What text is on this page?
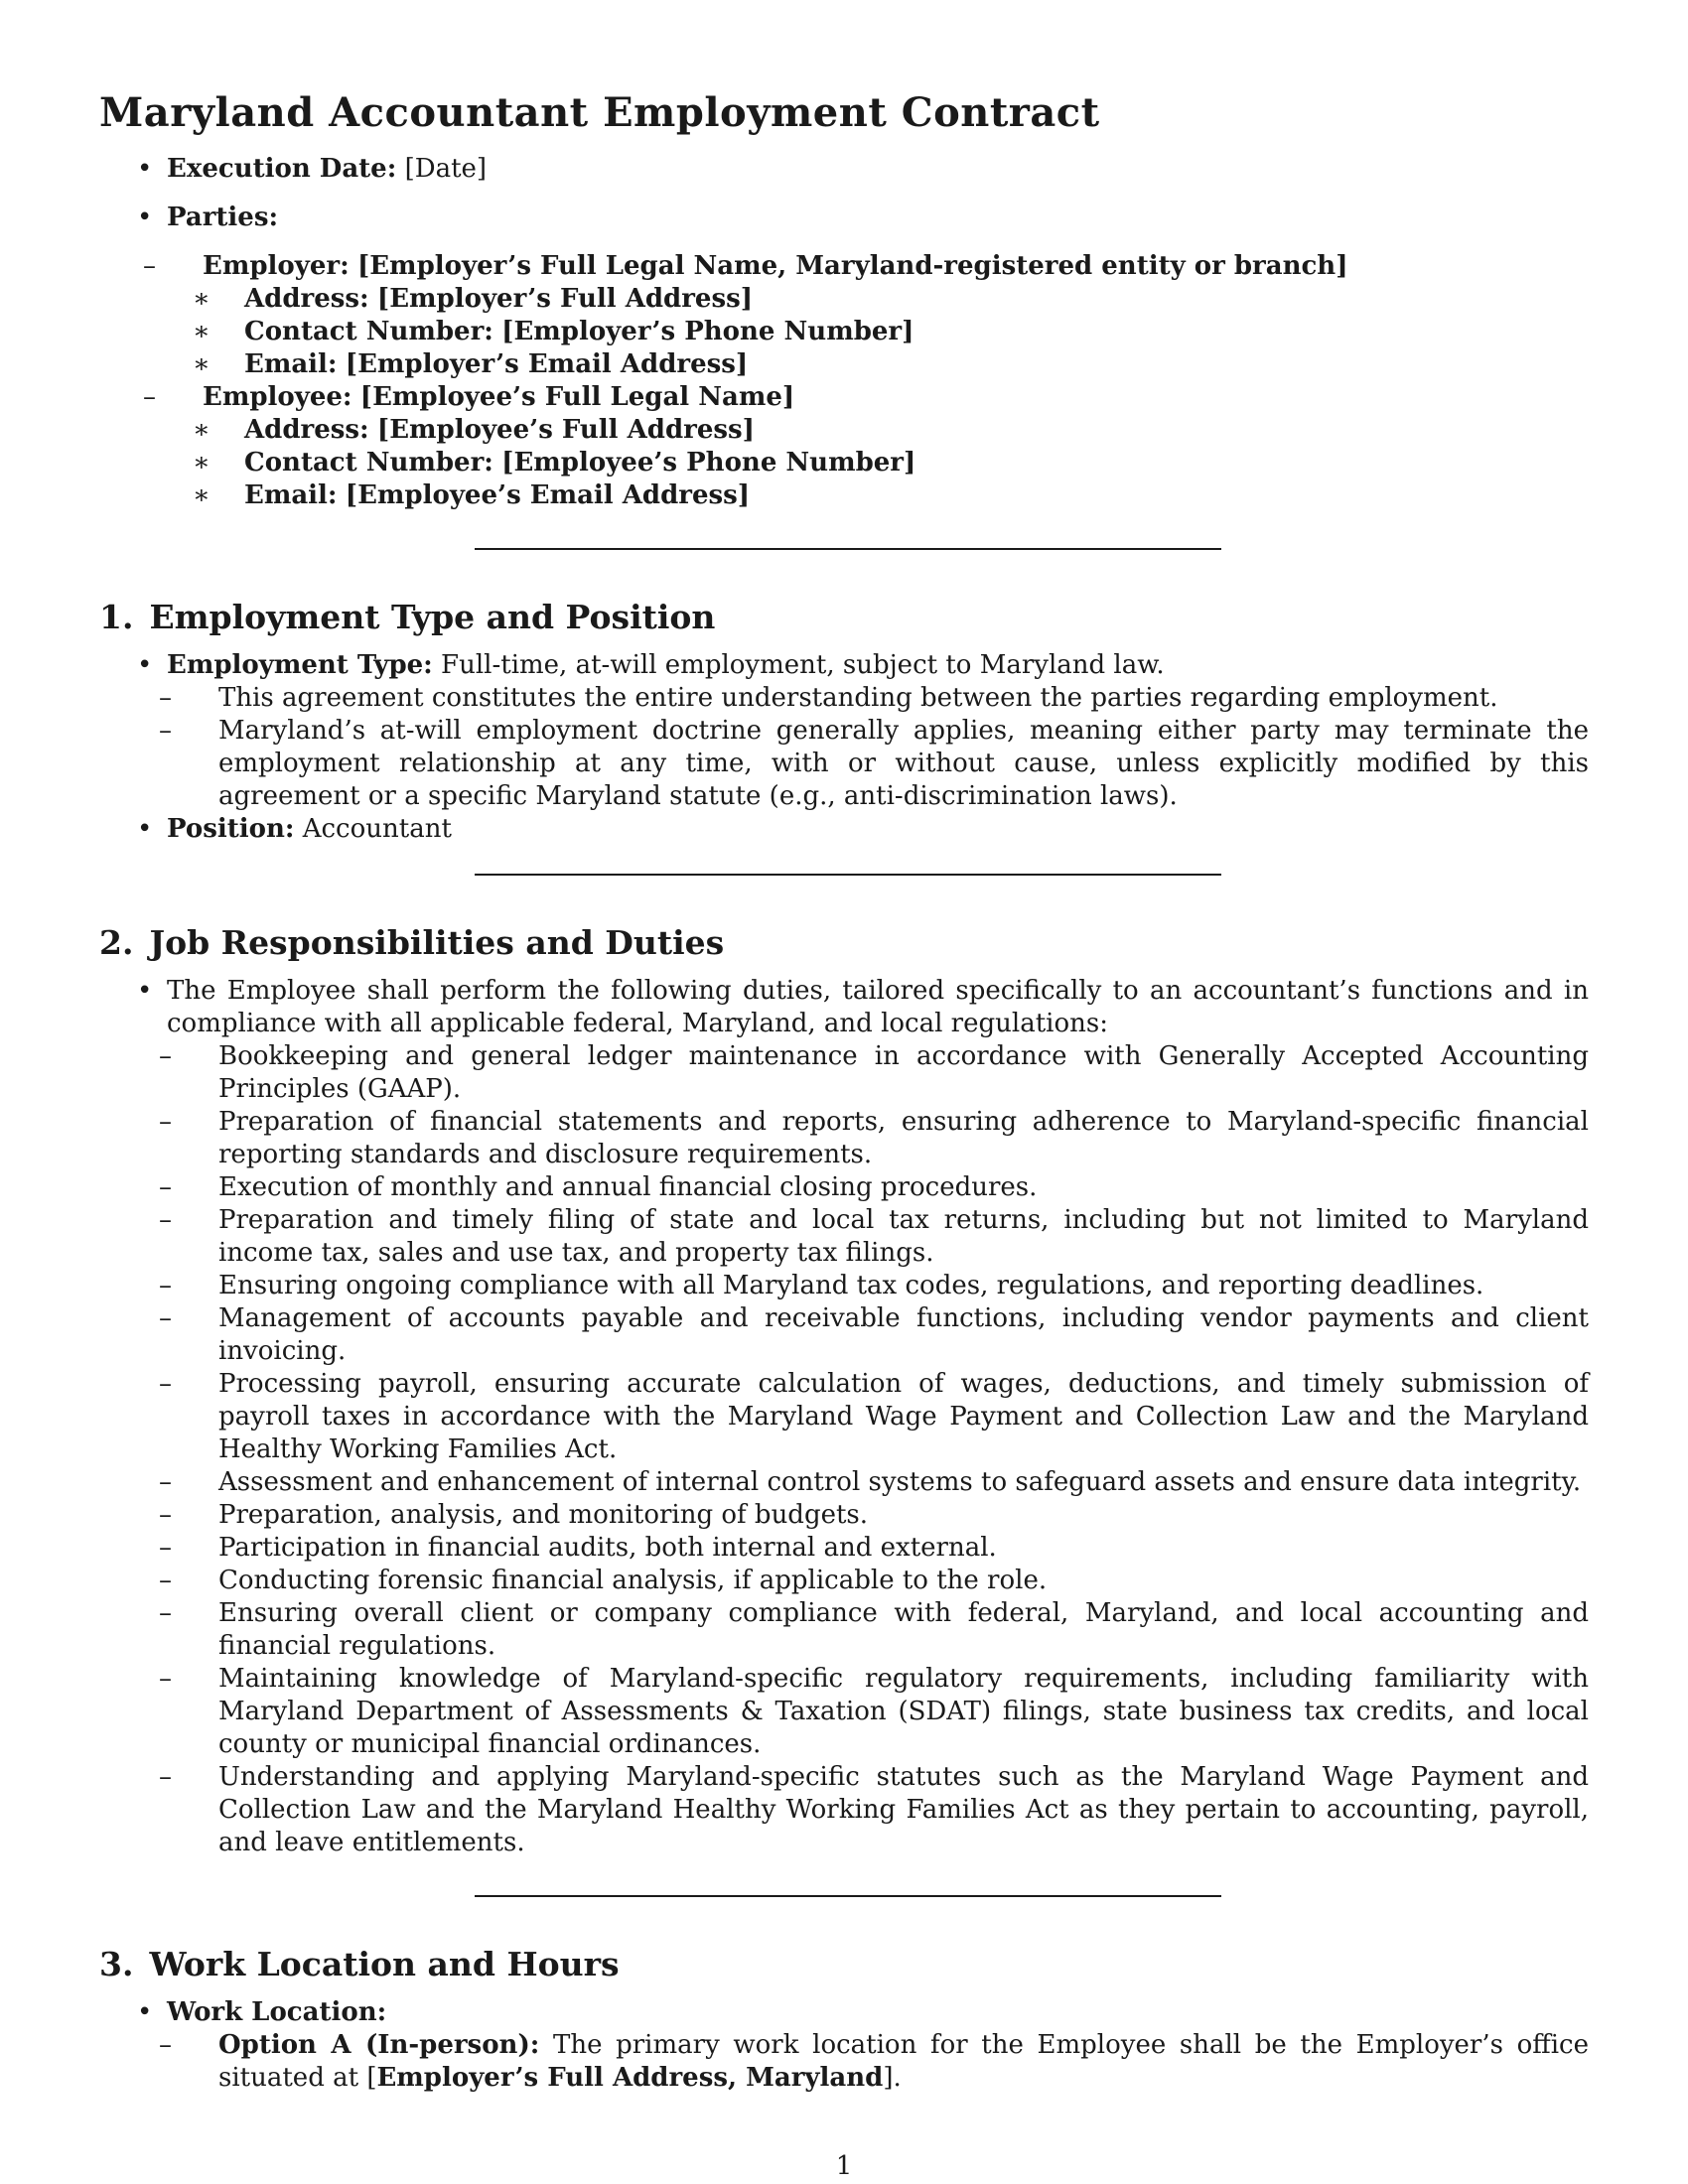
Maryland Accountant Employment Contract
• Execution Date: [Date]
• Parties:
– Employer: [Employer’s Full Legal Name, Maryland-registered entity or branch]
∗ Address: [Employer’s Full Address]
∗ Contact Number: [Employer’s Phone Number]
∗ Email: [Employer’s Email Address]
– Employee: [Employee’s Full Legal Name]
∗ Address: [Employee’s Full Address]
∗ Contact Number: [Employee’s Phone Number]
∗ Email: [Employee’s Email Address]
1. Employment Type and Position
• Employment Type: Full-time, at-will employment, subject to Maryland law.
– This agreement constitutes the entire understanding between the parties regarding employment.
– Maryland’s at-will employment doctrine generally applies, meaning either party may terminate the employment relationship at any time, with or without cause, unless explicitly modified by this agreement or a specific Maryland statute (e.g., anti-discrimination laws).
• Position: Accountant
2. Job Responsibilities and Duties
• The Employee shall perform the following duties, tailored specifically to an accountant’s functions and in compliance with all applicable federal, Maryland, and local regulations:
– Bookkeeping and general ledger maintenance in accordance with Generally Accepted Accounting Principles (GAAP).
– Preparation of financial statements and reports, ensuring adherence to Maryland-specific financial reporting standards and disclosure requirements.
– Execution of monthly and annual financial closing procedures.
– Preparation and timely filing of state and local tax returns, including but not limited to Maryland income tax, sales and use tax, and property tax filings.
– Ensuring ongoing compliance with all Maryland tax codes, regulations, and reporting deadlines.
– Management of accounts payable and receivable functions, including vendor payments and client invoicing.
– Processing payroll, ensuring accurate calculation of wages, deductions, and timely submission of payroll taxes in accordance with the Maryland Wage Payment and Collection Law and the Maryland Healthy Working Families Act.
– Assessment and enhancement of internal control systems to safeguard assets and ensure data integrity.
– Preparation, analysis, and monitoring of budgets.
– Participation in financial audits, both internal and external.
– Conducting forensic financial analysis, if applicable to the role.
– Ensuring overall client or company compliance with federal, Maryland, and local accounting and financial regulations.
– Maintaining knowledge of Maryland-specific regulatory requirements, including familiarity with Maryland Department of Assessments & Taxation (SDAT) filings, state business tax credits, and local county or municipal financial ordinances.
– Understanding and applying Maryland-specific statutes such as the Maryland Wage Payment and Collection Law and the Maryland Healthy Working Families Act as they pertain to accounting, payroll, and leave entitlements.
3. Work Location and Hours
• Work Location:
– Option A (In-person): The primary work location for the Employee shall be the Employer’s office situated at [Employer’s Full Address, Maryland].
1
